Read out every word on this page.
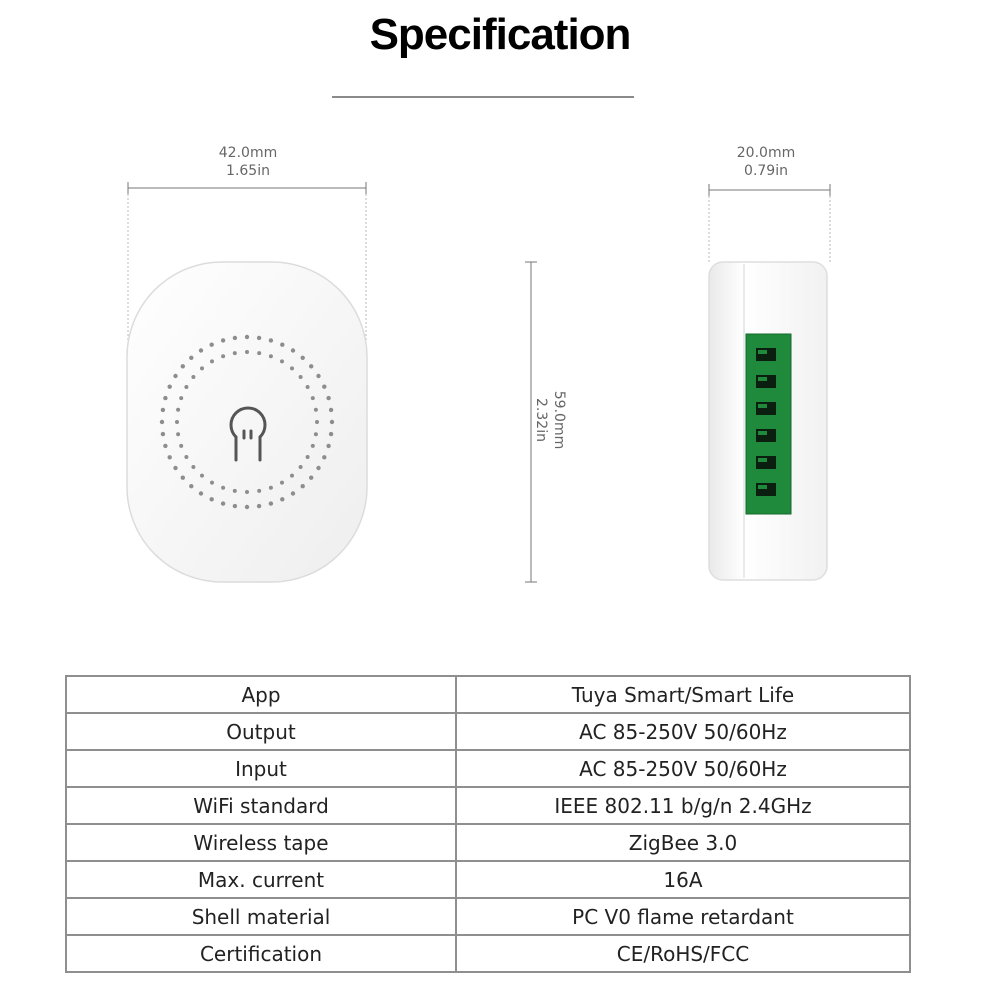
Specification
42.0mm
1.65in
20.0mm
0.79in
59.0mm
2.32in
App	Tuya Smart/Smart Life
Output	AC 85-250V 50/60Hz
Input	AC 85-250V 50/60Hz
WiFi standard	IEEE 802.11 b/g/n 2.4GHz
Wireless tape	ZigBee 3.0
Max. current	16A
Shell material	PC V0 flame retardant
Certification	CE/RoHS/FCC
